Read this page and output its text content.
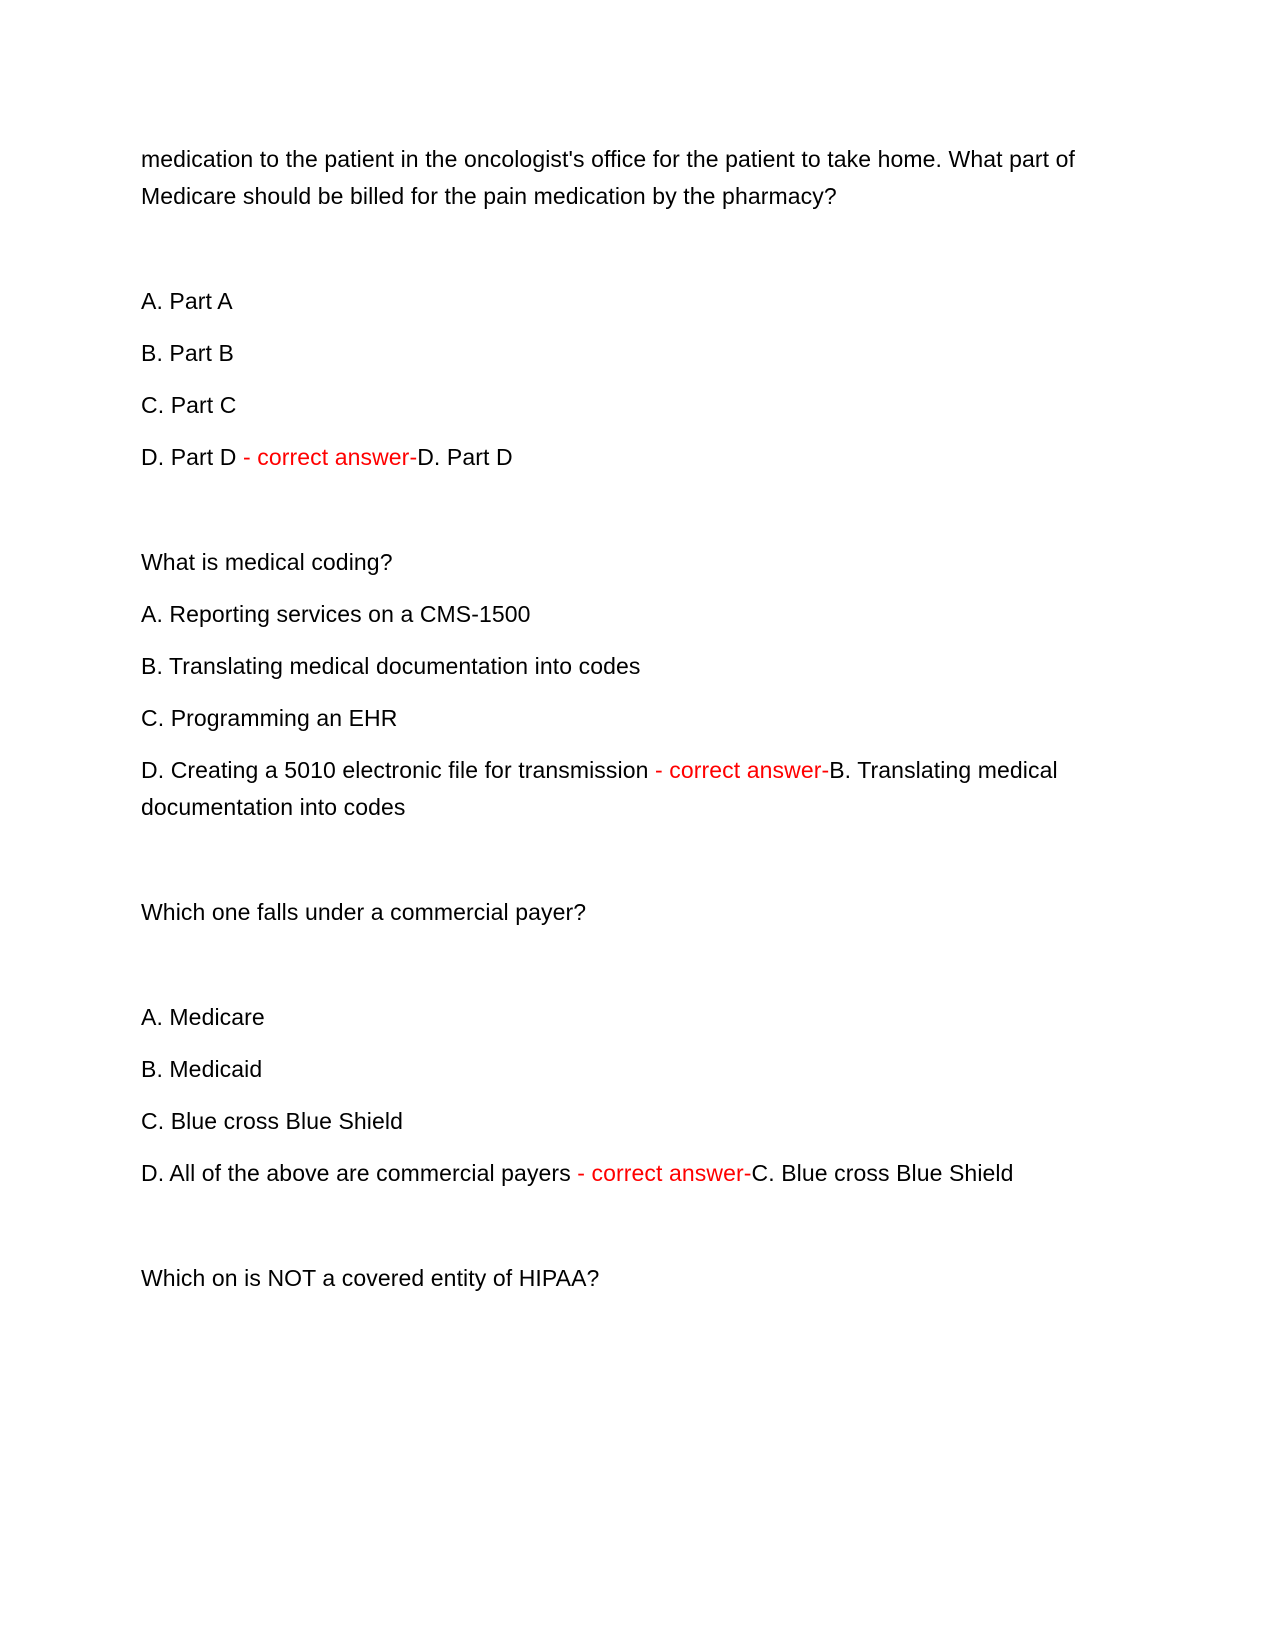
medication to the patient in the oncologist's office for the patient to take home. What part of Medicare should be billed for the pain medication by the pharmacy?

A. Part A

B. Part B

C. Part C

D. Part D - correct answer-D. Part D

What is medical coding?

A. Reporting services on a CMS-1500

B. Translating medical documentation into codes

C. Programming an EHR

D. Creating a 5010 electronic file for transmission - correct answer-B. Translating medical documentation into codes

Which one falls under a commercial payer?

A. Medicare

B. Medicaid

C. Blue cross Blue Shield

D. All of the above are commercial payers - correct answer-C. Blue cross Blue Shield

Which on is NOT a covered entity of HIPAA?
